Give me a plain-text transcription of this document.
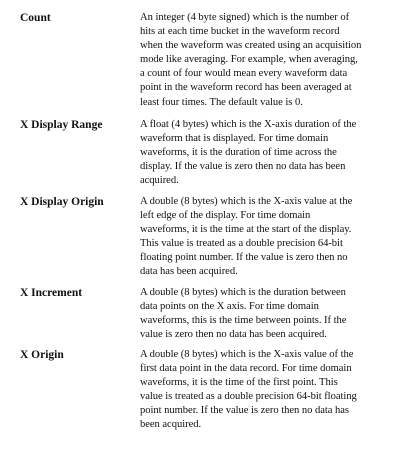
Count	An integer (4 byte signed) which is the number of
hits at each time bucket in the waveform record
when the waveform was created using an acquisition
mode like averaging. For example, when averaging,
a count of four would mean every waveform data
point in the waveform record has been averaged at
least four times. The default value is 0.
X Display Range	A float (4 bytes) which is the X-axis duration of the
waveform that is displayed. For time domain
waveforms, it is the duration of time across the
display. If the value is zero then no data has been
acquired.
X Display Origin	A double (8 bytes) which is the X-axis value at the
left edge of the display. For time domain
waveforms, it is the time at the start of the display.
This value is treated as a double precision 64-bit
floating point number. If the value is zero then no
data has been acquired.
X Increment	A double (8 bytes) which is the duration between
data points on the X axis. For time domain
waveforms, this is the time between points. If the
value is zero then no data has been acquired.
X Origin	A double (8 bytes) which is the X-axis value of the
first data point in the data record. For time domain
waveforms, it is the time of the first point. This
value is treated as a double precision 64-bit floating
point number. If the value is zero then no data has
been acquired.
